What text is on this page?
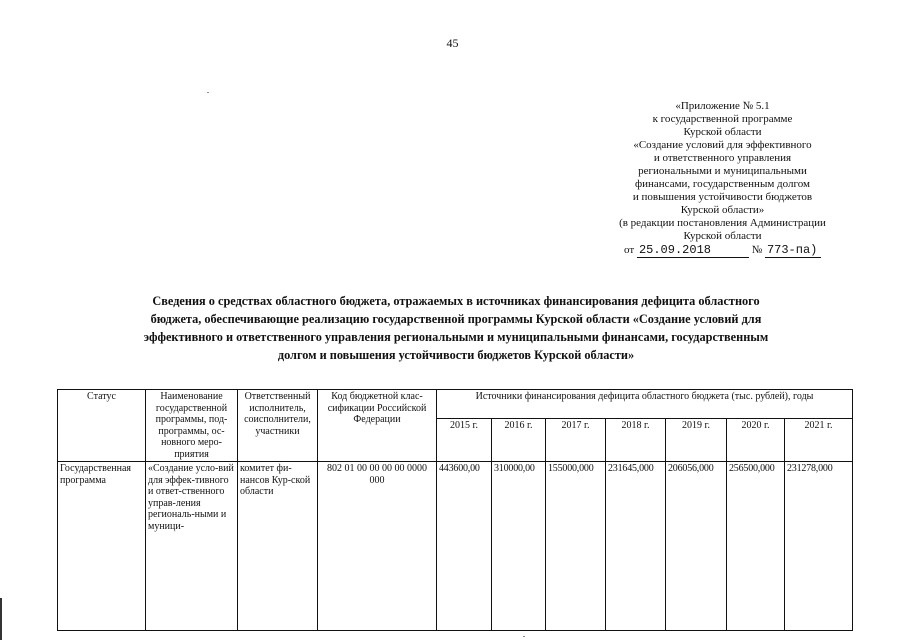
45
«Приложение № 5.1
к государственной программе
Курской области
«Создание условий для эффективного
и ответственного управления
региональными и муниципальными
финансами, государственным долгом
и повышения устойчивости бюджетов
Курской области»
(в редакции постановления Администрации
Курской области
от 25.09.2018	№ 773-па)
Сведения о средствах областного бюджета, отражаемых в источниках финансирования дефицита областного
бюджета, обеспечивающие реализацию государственной программы Курской области «Создание условий для
эффективного и ответственного управления региональными и муниципальными финансами, государственным
долгом и повышения устойчивости бюджетов Курской области»
Статус	Наименование государственной программы, под-программы, ос-новного меро-приятия	Ответственный исполнитель, соисполнители, участники	Код бюджетной клас-сификации Российской Федерации	Источники финансирования дефицита областного бюджета (тыс. рублей), годы						
				2015 г.	2016 г.	2017 г.	2018 г.	2019 г.	2020 г.	2021 г.
Государственная программа	«Создание усло-вий для эффек-тивного и ответ-ственного управ-ления региональ-ными и муници-	комитет фи-нансов Кур-ской области	802 01 00 00 00 00 0000 000	443600,00	310000,00	155000,000	231645,000	206056,000	256500,000	231278,000
